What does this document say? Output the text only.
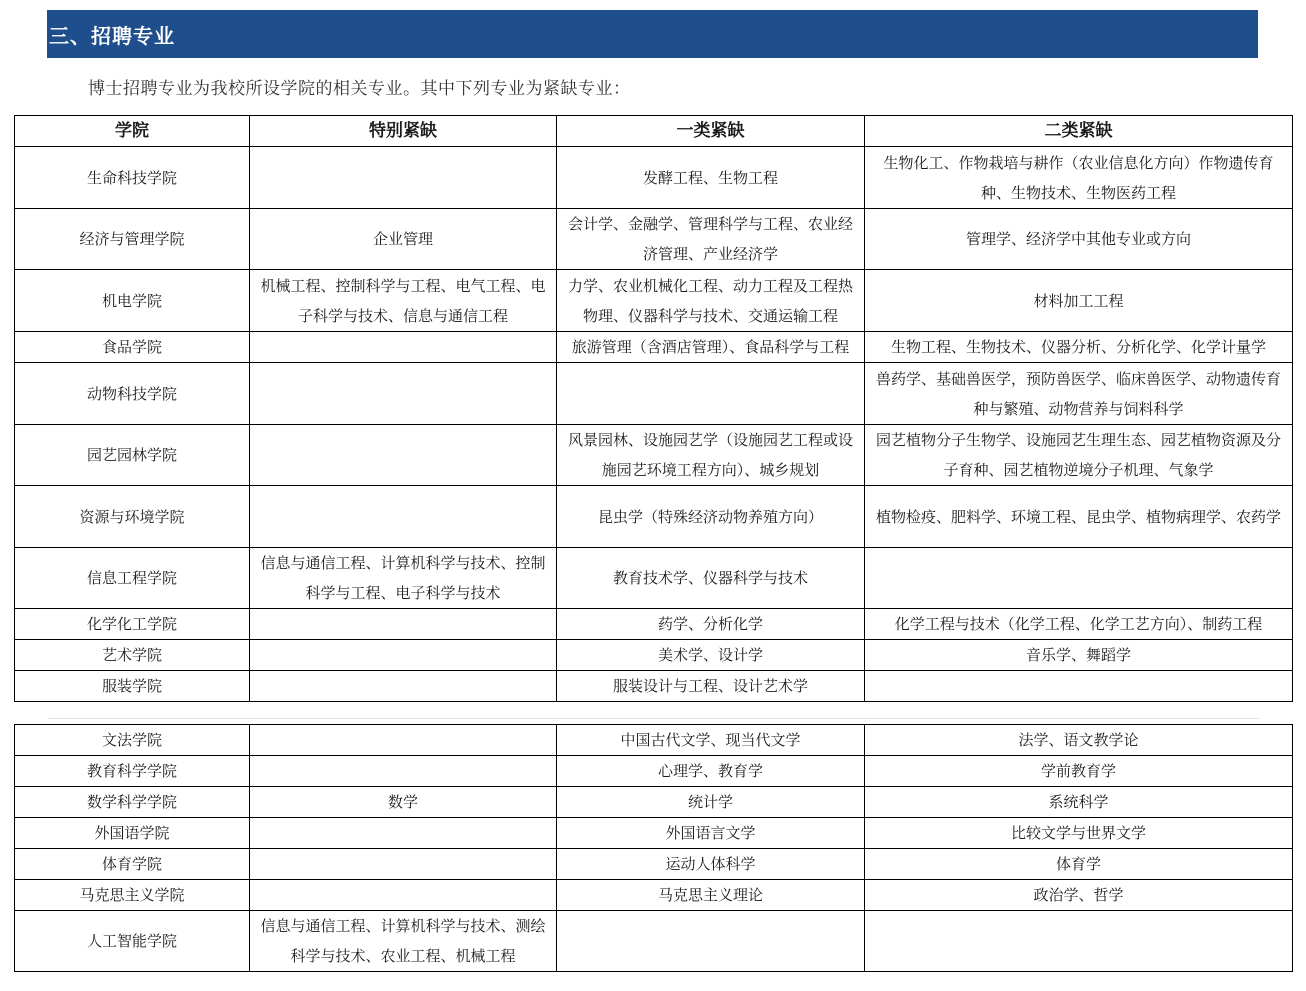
三、招聘专业
博士招聘专业为我校所设学院的相关专业。其中下列专业为紧缺专业：
学院	特别紧缺	一类紧缺	二类紧缺
生命科技学院		发酵工程、生物工程	生物化工、作物栽培与耕作（农业信息化方向）作物遗传育种、生物技术、生物医药工程
经济与管理学院	企业管理	会计学、金融学、管理科学与工程、农业经济管理、产业经济学	管理学、经济学中其他专业或方向
机电学院	机械工程、控制科学与工程、电气工程、电子科学与技术、信息与通信工程	力学、农业机械化工程、动力工程及工程热物理、仪器科学与技术、交通运输工程	材料加工工程
食品学院		旅游管理（含酒店管理）、食品科学与工程	生物工程、生物技术、仪器分析、分析化学、化学计量学
动物科技学院			兽药学、基础兽医学，预防兽医学、临床兽医学、动物遗传育种与繁殖、动物营养与饲料科学
园艺园林学院		风景园林、设施园艺学（设施园艺工程或设施园艺环境工程方向）、城乡规划	园艺植物分子生物学、设施园艺生理生态、园艺植物资源及分子育种、园艺植物逆境分子机理、气象学
资源与环境学院		昆虫学（特殊经济动物养殖方向）	植物检疫、肥料学、环境工程、昆虫学、植物病理学、农药学
信息工程学院	信息与通信工程、计算机科学与技术、控制科学与工程、电子科学与技术	教育技术学、仪器科学与技术	
化学化工学院		药学、分析化学	化学工程与技术（化学工程、化学工艺方向）、制药工程
艺术学院		美术学、设计学	音乐学、舞蹈学
服装学院		服装设计与工程、设计艺术学	
文法学院		中国古代文学、现当代文学	法学、语文教学论
教育科学学院		心理学、教育学	学前教育学
数学科学学院	数学	统计学	系统科学
外国语学院		外国语言文学	比较文学与世界文学
体育学院		运动人体科学	体育学
马克思主义学院		马克思主义理论	政治学、哲学
人工智能学院	信息与通信工程、计算机科学与技术、测绘科学与技术、农业工程、机械工程		
